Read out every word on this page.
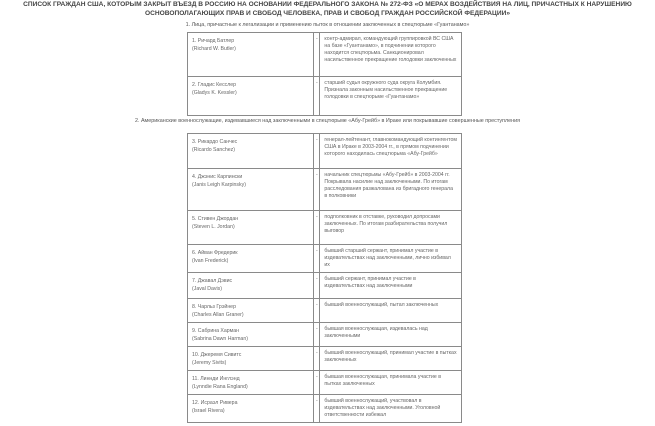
СПИСОК ГРАЖДАН США, КОТОРЫМ ЗАКРЫТ ВЪЕЗД В РОССИЮ НА ОСНОВАНИИ ФЕДЕРАЛЬНОГО ЗАКОНА № 272-ФЗ «О МЕРАХ ВОЗДЕЙСТВИЯ НА ЛИЦ, ПРИЧАСТНЫХ К НАРУШЕНИЮ ОСНОВОПОЛАГАЮЩИХ ПРАВ И СВОБОД ЧЕЛОВЕКА, ПРАВ И СВОБОД ГРАЖДАН РОССИЙСКОЙ ФЕДЕРАЦИИ»
1. Лица, причастные к легализации и применению пыток в отношении заключенных в спецтюрьме «Гуантанамо»
1. Ричард Батлер
(Richard W. Butler)	-	контр-адмирал, командующий группировкой ВС США на базе «Гуантанамо», в подчинении которого находится спецтюрьма. Санкционировал насильственное прекращение голодовки заключенных

2. Гладис Кесслер
(Gladys K. Kessler)	-	старший судья окружного суда округа Колумбия. Признала законным насильственное прекращение голодовки в спецтюрьме «Гуантанамо»
2. Американские военнослужащие, издевавшиеся над заключенными в спецтюрьме «Абу-Грейб» в Ираке или покрывавшие совершенные преступления
3. Рикардо Санчес
(Ricardo Sanchez)	-	генерал-лейтенант, главнокомандующий контингентом США в Ираке в 2003-2004 гг., в прямом подчинении которого находилась спецтюрьма «Абу-Грейб»

4. Джэнис Карпински
(Janis Leigh Karpinsky)	-	начальник спецтюрьмы «Абу-Грейб» в 2003-2004 гг. Покрывала насилие над заключенными. По итогам расследования разжалована из бригадного генерала в полковники

5. Стивен Джордан
(Steven L. Jordan)	-	подполковник в отставке, руководил допросами заключенных. По итогам разбирательства получил выговор

6. Айван Фредерик
(Ivan Frederick)	-	бывший старший сержант, принимал участие в издевательствах над заключенными, лично избивал их

7. Джавал Дэвис
(Javal Davis)	-	бывший сержант, принимал участие в издевательствах над заключенными

8. Чарльз Грэйнер
(Charles Allan Graner)	-	бывший военнослужащий, пытал заключенных

9. Сабрина Харман
(Sabrina Dawn Harman)	-	бывшая военнослужащая, издевалась над заключенными

10. Джеремя Сивитс
(Jeremy Sivits)	-	бывший военнослужащий, принимал участие в пытках заключенных

11. Линнди Инглэнд
(Lynndie Rana England)	-	бывшая военнослужащая, принимала участие в пытках заключенных

12. Исраэл Ривера
(Israel Rivera)	-	бывший военнослужащий, участвовал в издевательствах над заключенными. Уголовной ответственности избежал
